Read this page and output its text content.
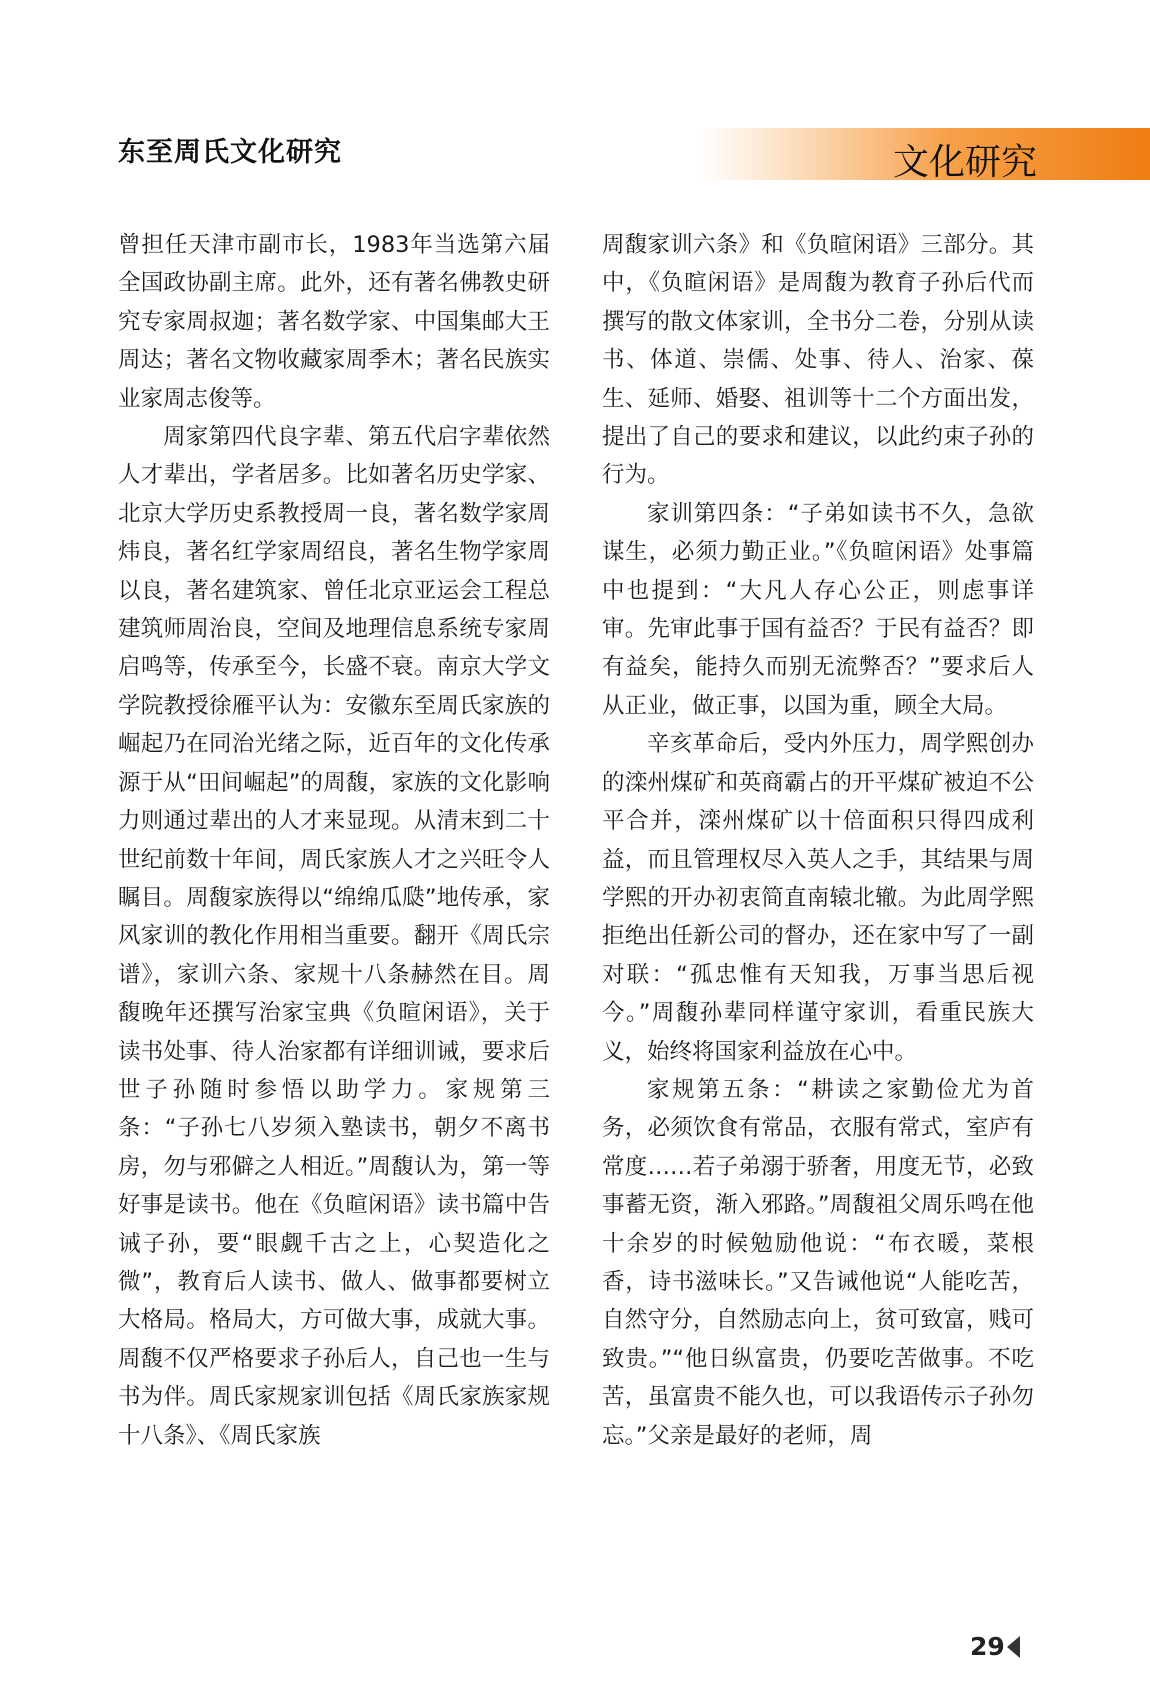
东至周氏文化研究	文化研究

曾担任天津市副市长，1983年当选第六届全国政协副主席。此外，还有著名佛教史研究专家周叔迦；著名数学家、中国集邮大王周达；著名文物收藏家周季木；著名民族实业家周志俊等。

周家第四代良字辈、第五代启字辈依然人才辈出，学者居多。比如著名历史学家、北京大学历史系教授周一良，著名数学家周炜良，著名红学家周绍良，著名生物学家周以良，著名建筑家、曾任北京亚运会工程总建筑师周治良，空间及地理信息系统专家周启鸣等，传承至今，长盛不衰。南京大学文学院教授徐雁平认为：安徽东至周氏家族的崛起乃在同治光绪之际，近百年的文化传承源于从“田间崛起”的周馥，家族的文化影响力则通过辈出的人才来显现。从清末到二十世纪前数十年间，周氏家族人才之兴旺令人瞩目。周馥家族得以“绵绵瓜瓞”地传承，家风家训的教化作用相当重要。翻开《周氏宗谱》，家训六条、家规十八条赫然在目。周馥晚年还撰写治家宝典《负暄闲语》，关于读书处事、待人治家都有详细训诫，要求后世子孙随时参悟以助学力。家规第三条：“子孙七八岁须入塾读书，朝夕不离书房，勿与邪僻之人相近。”周馥认为，第一等好事是读书。他在《负暄闲语》读书篇中告诫子孙，要“眼觑千古之上，心契造化之微”，教育后人读书、做人、做事都要树立大格局。格局大，方可做大事，成就大事。周馥不仅严格要求子孙后人，自己也一生与书为伴。周氏家规家训包括《周氏家族家规十八条》、《周氏家族

周馥家训六条》和《负暄闲语》三部分。其中，《负暄闲语》是周馥为教育子孙后代而撰写的散文体家训，全书分二卷，分别从读书、体道、崇儒、处事、待人、治家、葆生、延师、婚娶、祖训等十二个方面出发，提出了自己的要求和建议，以此约束子孙的行为。

家训第四条：“子弟如读书不久，急欲谋生，必须力勤正业。”《负暄闲语》处事篇中也提到：“大凡人存心公正，则虑事详审。先审此事于国有益否？于民有益否？即有益矣，能持久而别无流弊否？”要求后人从正业，做正事，以国为重，顾全大局。

辛亥革命后，受内外压力，周学熙创办的滦州煤矿和英商霸占的开平煤矿被迫不公平合并，滦州煤矿以十倍面积只得四成利益，而且管理权尽入英人之手，其结果与周学熙的开办初衷简直南辕北辙。为此周学熙拒绝出任新公司的督办，还在家中写了一副对联：“孤忠惟有天知我，万事当思后视今。”周馥孙辈同样谨守家训，看重民族大义，始终将国家利益放在心中。

家规第五条：“耕读之家勤俭尤为首务，必须饮食有常品，衣服有常式，室庐有常度……若子弟溺于骄奢，用度无节，必致事蓄无资，渐入邪路。”周馥祖父周乐鸣在他十余岁的时候勉励他说：“布衣暖，菜根香，诗书滋味长。”又告诫他说“人能吃苦，自然守分，自然励志向上，贫可致富，贱可致贵。”“他日纵富贵，仍要吃苦做事。不吃苦，虽富贵不能久也，可以我语传示子孙勿忘。”父亲是最好的老师，周

29
